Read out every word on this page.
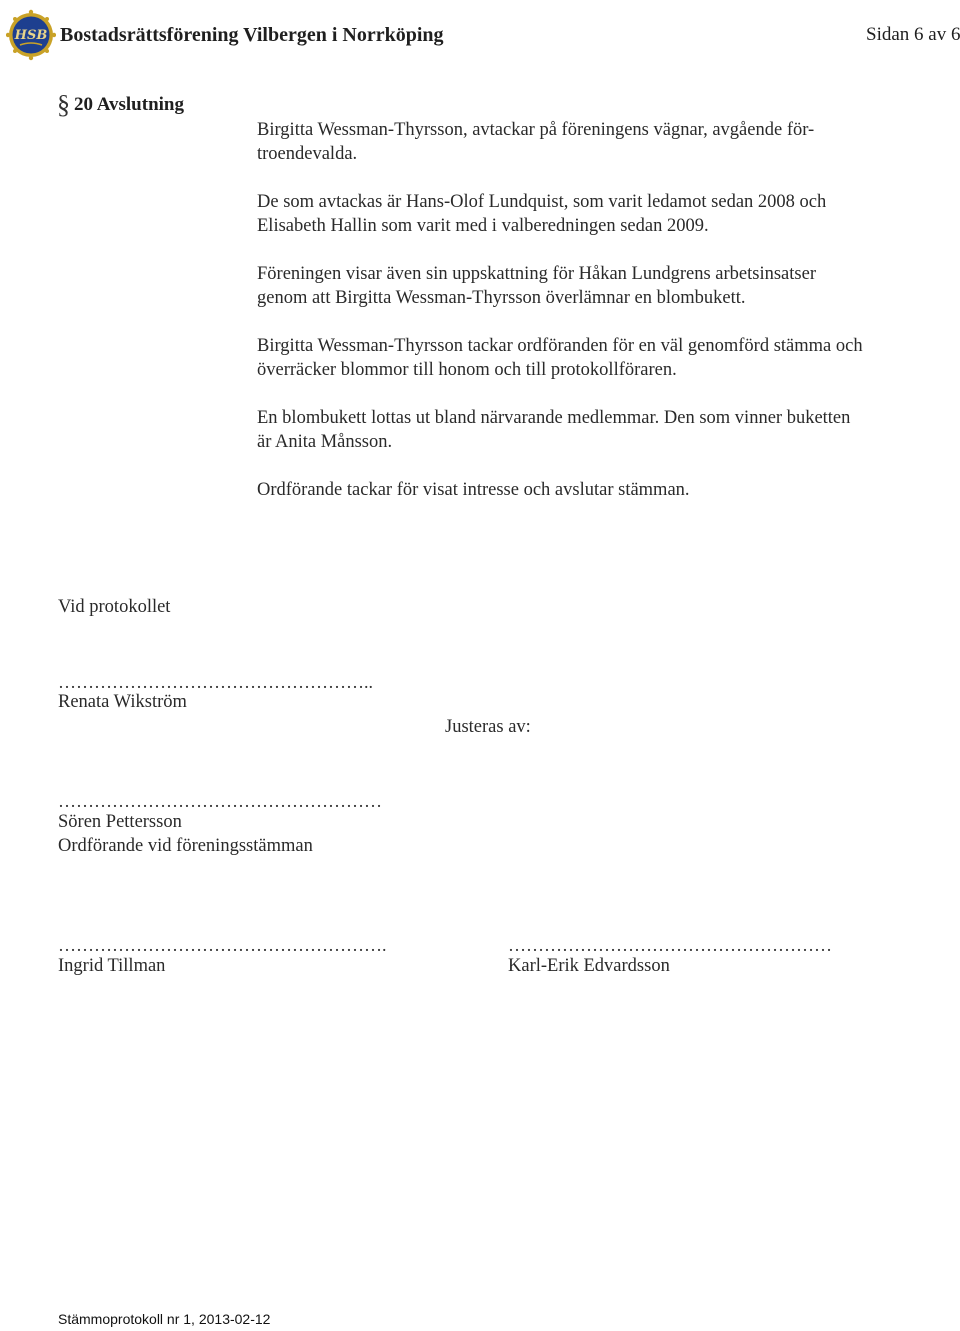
HSB Bostadsrättsförening Vilbergen i Norrköping	Sidan 6 av 6
§ 20 Avslutning
Birgitta Wessman-Thyrsson, avtackar på föreningens vägnar, avgående för-
troendevalda.
De som avtackas är Hans-Olof Lundquist, som varit ledamot sedan 2008 och
Elisabeth Hallin som varit med i valberedningen sedan 2009.
Föreningen visar även sin uppskattning för Håkan Lundgrens arbetsinsatser
genom att Birgitta Wessman-Thyrsson överlämnar en blombukett.
Birgitta Wessman-Thyrsson tackar ordföranden för en väl genomförd stämma och
överräcker blommor till honom och till protokollföraren.
En blombukett lottas ut bland närvarande medlemmar. Den som vinner buketten
är Anita Månsson.
Ordförande tackar för visat intresse och avslutar stämman.
Vid protokollet
……………………………………………..
Renata Wikström
Justeras av:
………………………………………………
Sören Pettersson
Ordförande vid föreningsstämman
……………………………………………….
Ingrid Tillman
………………………………………………
Karl-Erik Edvardsson
Stämmoprotokoll nr 1, 2013-02-12
